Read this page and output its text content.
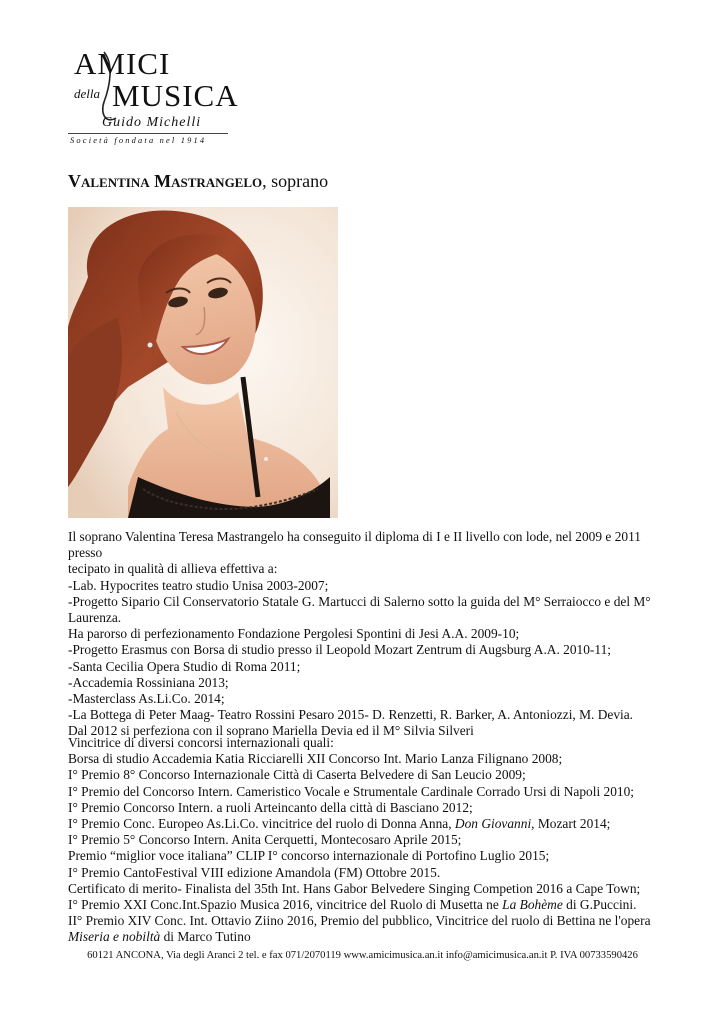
AMICI
della MUSICA
Guido Michelli
Società fondata nel 1914
Valentina Mastrangelo, soprano

Il soprano Valentina Teresa Mastrangelo ha conseguito il diploma di I e II livello con lode, nel 2009 e 2011 presso

tecipato in qualità di allieva effettiva a:

-Lab. Hypocrites teatro studio Unisa 2003-2007;

-Progetto Sipario Cil Conservatorio Statale G. Martucci di Salerno sotto la guida del M° Serraiocco e del M° Laurenza.

Ha parorso di perfezionamento Fondazione Pergolesi Spontini di Jesi A.A. 2009-10;

-Progetto Erasmus con Borsa di studio presso il Leopold Mozart Zentrum di Augsburg A.A. 2010-11;

-Santa Cecilia Opera Studio di Roma 2011;

-Accademia Rossiniana 2013;

-Masterclass As.Li.Co. 2014;

-La Bottega di Peter Maag- Teatro Rossini Pesaro 2015- D. Renzetti, R. Barker, A. Antoniozzi, M. Devia.

Dal 2012 si perfeziona con il soprano Mariella Devia ed il M° Silvia Silveri

Vincitrice di diversi concorsi internazionali quali:

Borsa di studio Accademia Katia Ricciarelli XII Concorso Int. Mario Lanza Filignano 2008;

I° Premio 8° Concorso Internazionale Città di Caserta Belvedere di San Leucio 2009;

I° Premio del Concorso Intern. Cameristico Vocale e Strumentale Cardinale Corrado Ursi di Napoli 2010;

I° Premio Concorso Intern. a ruoli Arteincanto della città di Basciano 2012;

I° Premio Conc. Europeo As.Li.Co. vincitrice del ruolo di Donna Anna, Don Giovanni, Mozart 2014;

I° Premio 5° Concorso Intern. Anita Cerquetti, Montecosaro Aprile 2015;

Premio “miglior voce italiana” CLIP I° concorso internazionale di Portofino Luglio 2015;

I° Premio CantoFestival VIII edizione Amandola (FM) Ottobre 2015.

Certificato di merito- Finalista del 35th Int. Hans Gabor Belvedere Singing Competion 2016 a Cape Town;

I° Premio XXI Conc.Int.Spazio Musica 2016, vincitrice del Ruolo di Musetta ne La Bohème di G.Puccini.

II° Premio XIV Conc. Int. Ottavio Ziino 2016, Premio del pubblico, Vincitrice del ruolo di Bettina ne l'opera

Miseria e nobiltà di Marco Tutino

60121 ANCONA, Via degli Aranci 2 tel. e fax 071/2070119 www.amicimusica.an.it info@amicimusica.an.it P. IVA 00733590426
